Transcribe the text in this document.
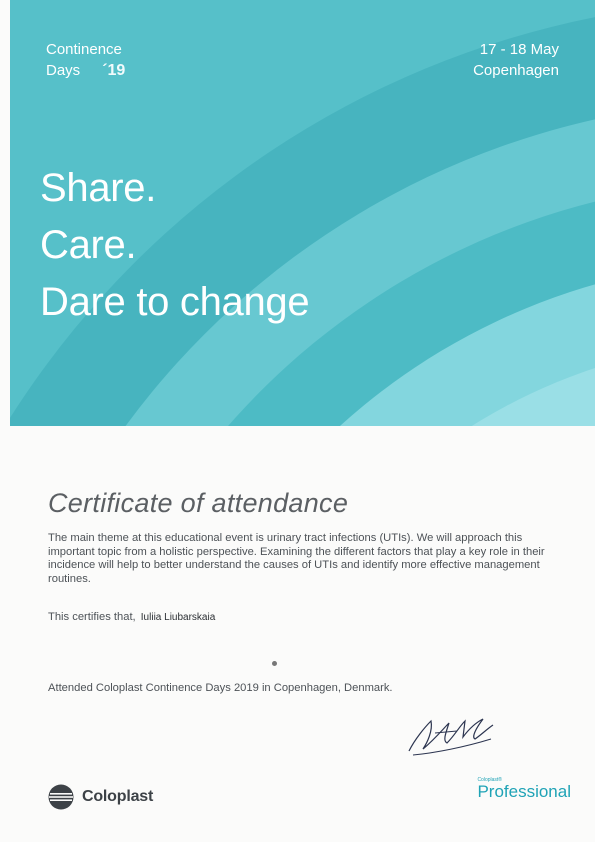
Continence
Days ´19
17 - 18 May
Copenhagen
Share.
Care.
Dare to change
Certificate of attendance
The main theme at this educational event is urinary tract infections (UTIs). We will approach this important topic from a holistic perspective. Examining the different factors that play a key role in their incidence will help to better understand the causes of UTIs and identify more effective management routines.
This certifies that, Iuliia Liubarskaia
Attended Coloplast Continence Days 2019 in Copenhagen, Denmark.
Coloplast
Coloplast®
Professional
